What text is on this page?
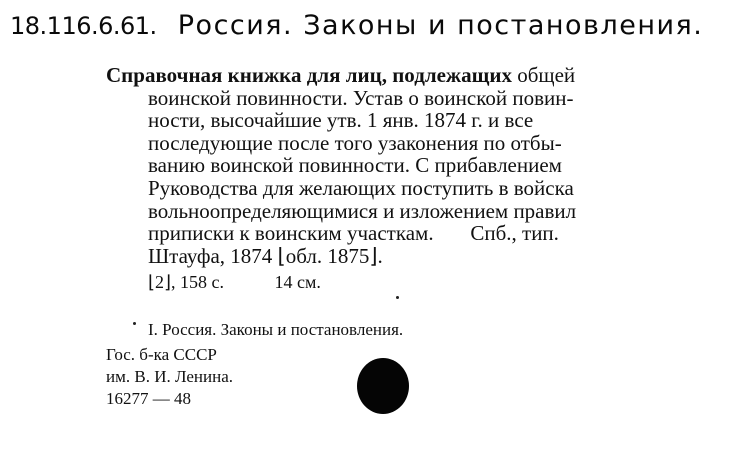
18.116.6.61. Россия. Законы и постановления.
Справочная книжка для лиц, подлежащих общей
воинской повинности. Устав о воинской повин-
ности, высочайшие утв. 1 янв. 1874 г. и все
последующие после того узаконения по отбы-
ванию воинской повинности. С прибавлением
Руководства для желающих поступить в войска
вольноопределяющимися и изложением правил
приписки к воинским участкам.       Спб., тип.
Штауфа, 1874 ⌊обл. 1875⌋.
⌊2⌋, 158 с.	14 см.
I. Россия. Законы и постановления.
Гос. б-ка СССР
им. В. И. Ленина.
16277 — 48
